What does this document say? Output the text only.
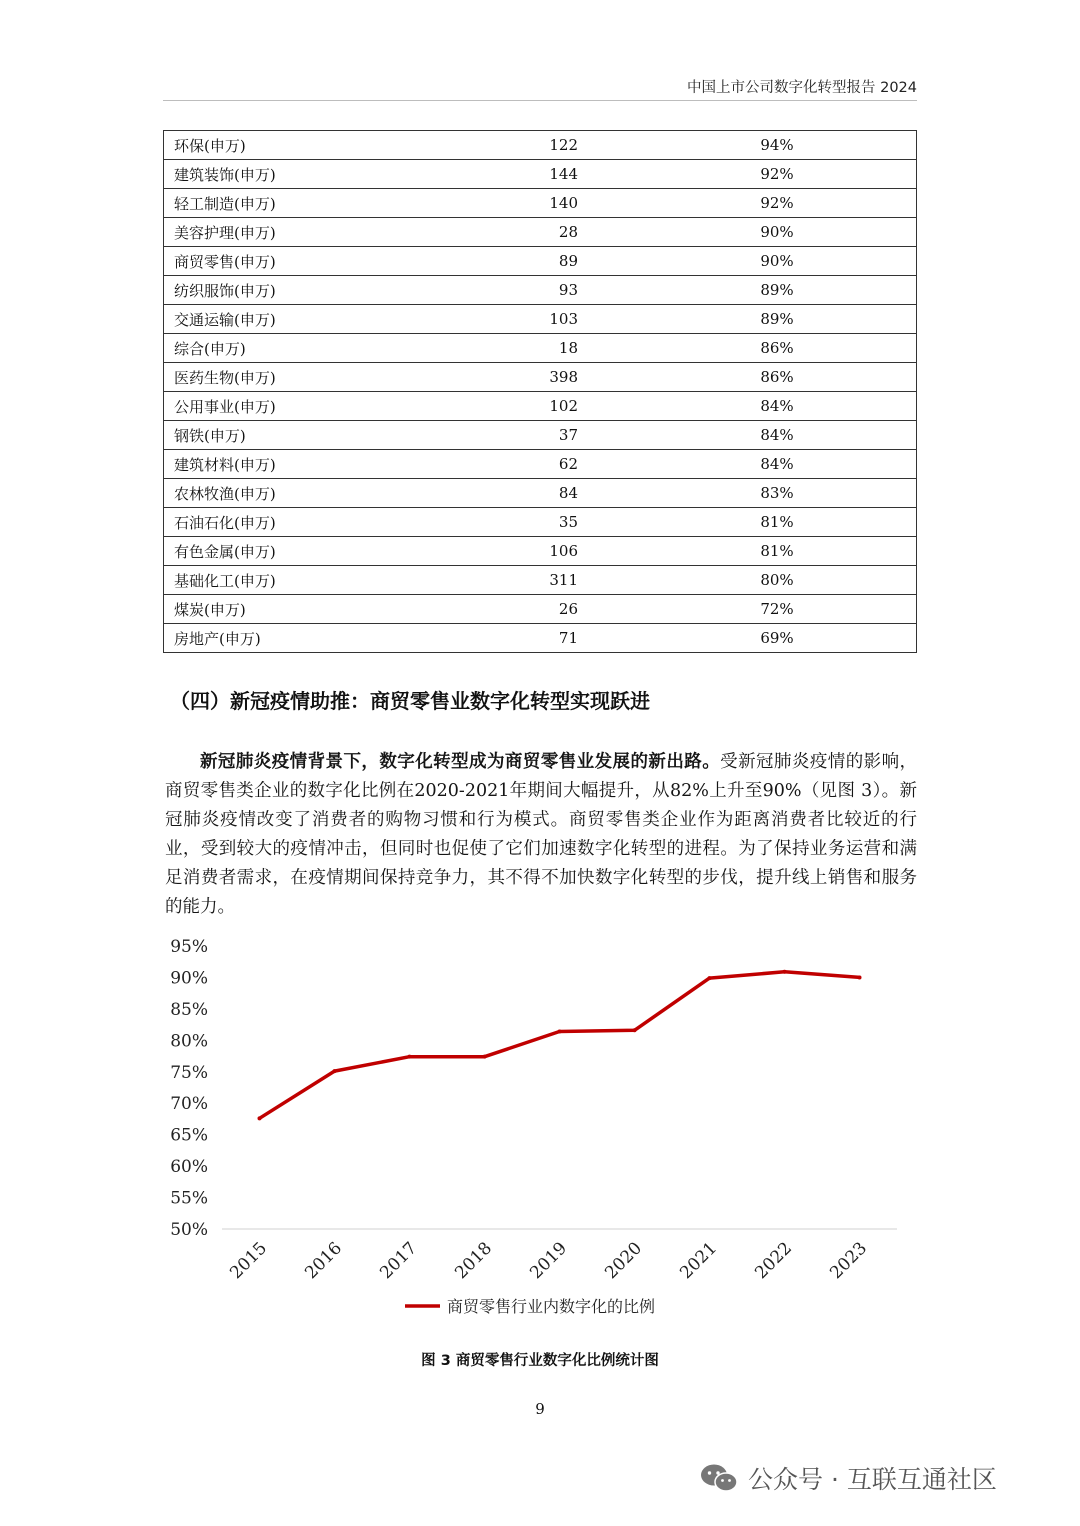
中国上市公司数字化转型报告 2024
环保(申万)	122	94%
建筑装饰(申万)	144	92%
轻工制造(申万)	140	92%
美容护理(申万)	28	90%
商贸零售(申万)	89	90%
纺织服饰(申万)	93	89%
交通运输(申万)	103	89%
综合(申万)	18	86%
医药生物(申万)	398	86%
公用事业(申万)	102	84%
钢铁(申万)	37	84%
建筑材料(申万)	62	84%
农林牧渔(申万)	84	83%
石油石化(申万)	35	81%
有色金属(申万)	106	81%
基础化工(申万)	311	80%
煤炭(申万)	26	72%
房地产(申万)	71	69%
（四）新冠疫情助推：商贸零售业数字化转型实现跃进

新冠肺炎疫情背景下，数字化转型成为商贸零售业发展的新出路。受新冠肺炎疫情的影响，商贸零售类企业的数字化比例在2020-2021年期间大幅提升，从82%上升至90%（见图 3）。新冠肺炎疫情改变了消费者的购物习惯和行为模式。商贸零售类企业作为距离消费者比较近的行业，受到较大的疫情冲击，但同时也促使了它们加速数字化转型的进程。为了保持业务运营和满足消费者需求，在疫情期间保持竞争力，其不得不加快数字化转型的步伐，提升线上销售和服务的能力。

50%
55%
60%
65%
70%
75%
80%
85%
90%
95%
2015 2016 2017 2018 2019 2020 2021 2022 2023
商贸零售行业内数字化的比例
图 3 商贸零售行业数字化比例统计图
9
公众号 · 互联互通社区
